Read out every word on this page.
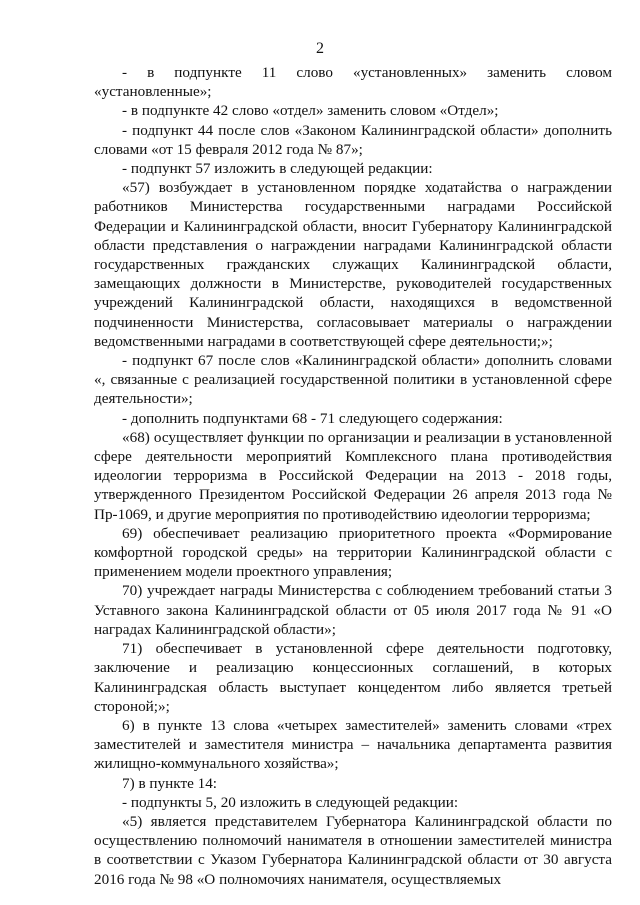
2

- в подпункте 11 слово «установленных» заменить словом «установленные»;

- в подпункте 42 слово «отдел» заменить словом «Отдел»;

- подпункт 44 после слов «Законом Калининградской области» дополнить словами «от 15 февраля 2012 года № 87»;

- подпункт 57 изложить в следующей редакции:

«57) возбуждает в установленном порядке ходатайства о награждении работников Министерства государственными наградами Российской Федерации и Калининградской области, вносит Губернатору Калининградской области представления о награждении наградами Калининградской области государственных гражданских служащих Калининградской области, замещающих должности в Министерстве, руководителей государственных учреждений Калининградской области, находящихся в ведомственной подчиненности Министерства, согласовывает материалы о награждении ведомственными наградами в соответствующей сфере деятельности;»;

- подпункт 67 после слов «Калининградской области» дополнить словами «, связанные с реализацией государственной политики в установленной сфере деятельности»;

- дополнить подпунктами 68 - 71 следующего содержания:

«68) осуществляет функции по организации и реализации в установленной сфере деятельности мероприятий Комплексного плана противодействия идеологии терроризма в Российской Федерации на 2013 - 2018 годы, утвержденного Президентом Российской Федерации 26 апреля 2013 года № Пр-1069, и другие мероприятия по противодействию идеологии терроризма;

69) обеспечивает реализацию приоритетного проекта «Формирование комфортной городской среды» на территории Калининградской области с применением модели проектного управления;

70) учреждает награды Министерства с соблюдением требований статьи 3 Уставного закона Калининградской области от 05 июля 2017 года № 91 «О наградах Калининградской области»;

71) обеспечивает в установленной сфере деятельности подготовку, заключение и реализацию концессионных соглашений, в которых Калининградская область выступает концедентом либо является третьей стороной;»;

6) в пункте 13 слова «четырех заместителей» заменить словами «трех заместителей и заместителя министра – начальника департамента развития жилищно-коммунального хозяйства»;

7) в пункте 14:

- подпункты 5, 20 изложить в следующей редакции:

«5) является представителем Губернатора Калининградской области по осуществлению полномочий нанимателя в отношении заместителей министра в соответствии с Указом Губернатора Калининградской области от 30 августа 2016 года № 98 «О полномочиях нанимателя, осуществляемых
